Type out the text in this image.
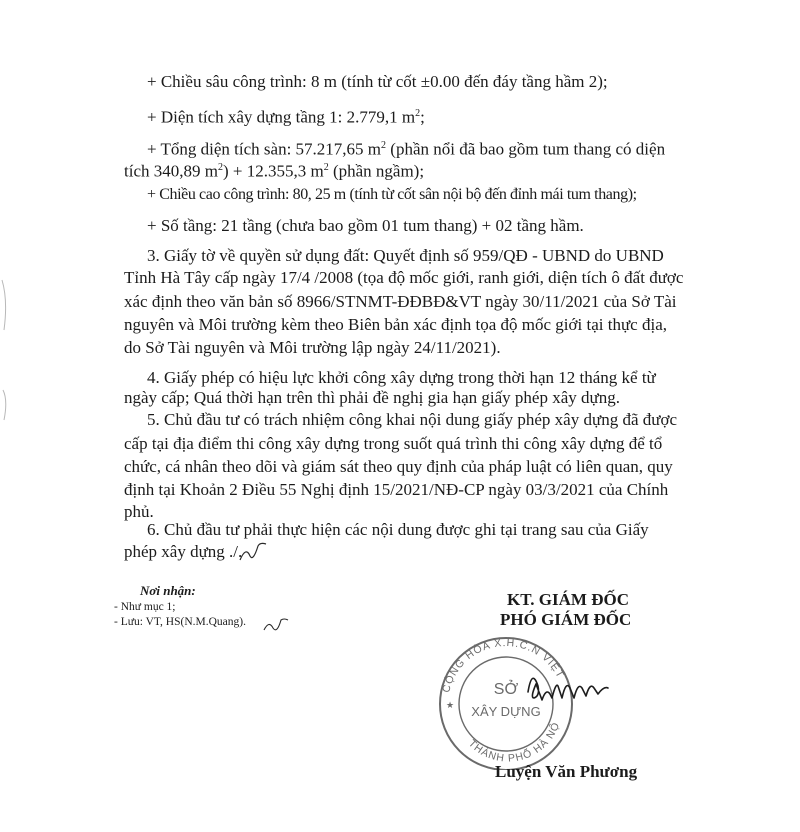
+ Chiều sâu công trình: 8 m (tính từ cốt ±0.00 đến đáy tầng hầm 2);
+ Diện tích xây dựng tầng 1: 2.779,1 $m^2$;
+ Tổng diện tích sàn: 57.217,65 $m^2$ (phần nổi đã bao gồm tum thang có diện
tích 340,89 $m^2) + 12.355,3$ $m^2$ (phần ngầm);
+ Chiều cao công trình: 80, 25 m (tính từ cốt sân nội bộ đến đỉnh mái tum thang);
+ Số tầng: 21 tầng (chưa bao gồm 01 tum thang) + 02 tầng hầm.
3. Giấy tờ về quyền sử dụng đất: Quyết định số 959/QĐ - UBND do UBND
Tỉnh Hà Tây cấp ngày 17/4 /2008 (tọa độ mốc giới, ranh giới, diện tích ô đất được
xác định theo văn bản số 8966/STNMT-ĐĐBĐ&VT ngày 30/11/2021 của Sở Tài
nguyên và Môi trường kèm theo Biên bản xác định tọa độ mốc giới tại thực địa,
do Sở Tài nguyên và Môi trường lập ngày 24/11/2021).
4. Giấy phép có hiệu lực khởi công xây dựng trong thời hạn 12 tháng kể từ
ngày cấp; Quá thời hạn trên thì phải đề nghị gia hạn giấy phép xây dựng.
5. Chủ đầu tư có trách nhiệm công khai nội dung giấy phép xây dựng đã được
cấp tại địa điểm thi công xây dựng trong suốt quá trình thi công xây dựng để tổ
chức, cá nhân theo dõi và giám sát theo quy định của pháp luật có liên quan, quy
định tại Khoản 2 Điều 55 Nghị định 15/2021/NĐ-CP ngày 03/3/2021 của Chính
phủ.
6. Chủ đầu tư phải thực hiện các nội dung được ghi tại trang sau của Giấy
phép xây dựng ./.
Nơi nhận:
- Như mục 1;
- Lưu: VT, HS(N.M.Quang).
KT. GIÁM ĐỐC
PHÓ GIÁM ĐỐC
CỘNG HÒA X.H.C.N VIỆT
THÀNH PHỐ HÀ NỘ
SỞ
XÂY DỰNG
★
Luyện Văn Phương
